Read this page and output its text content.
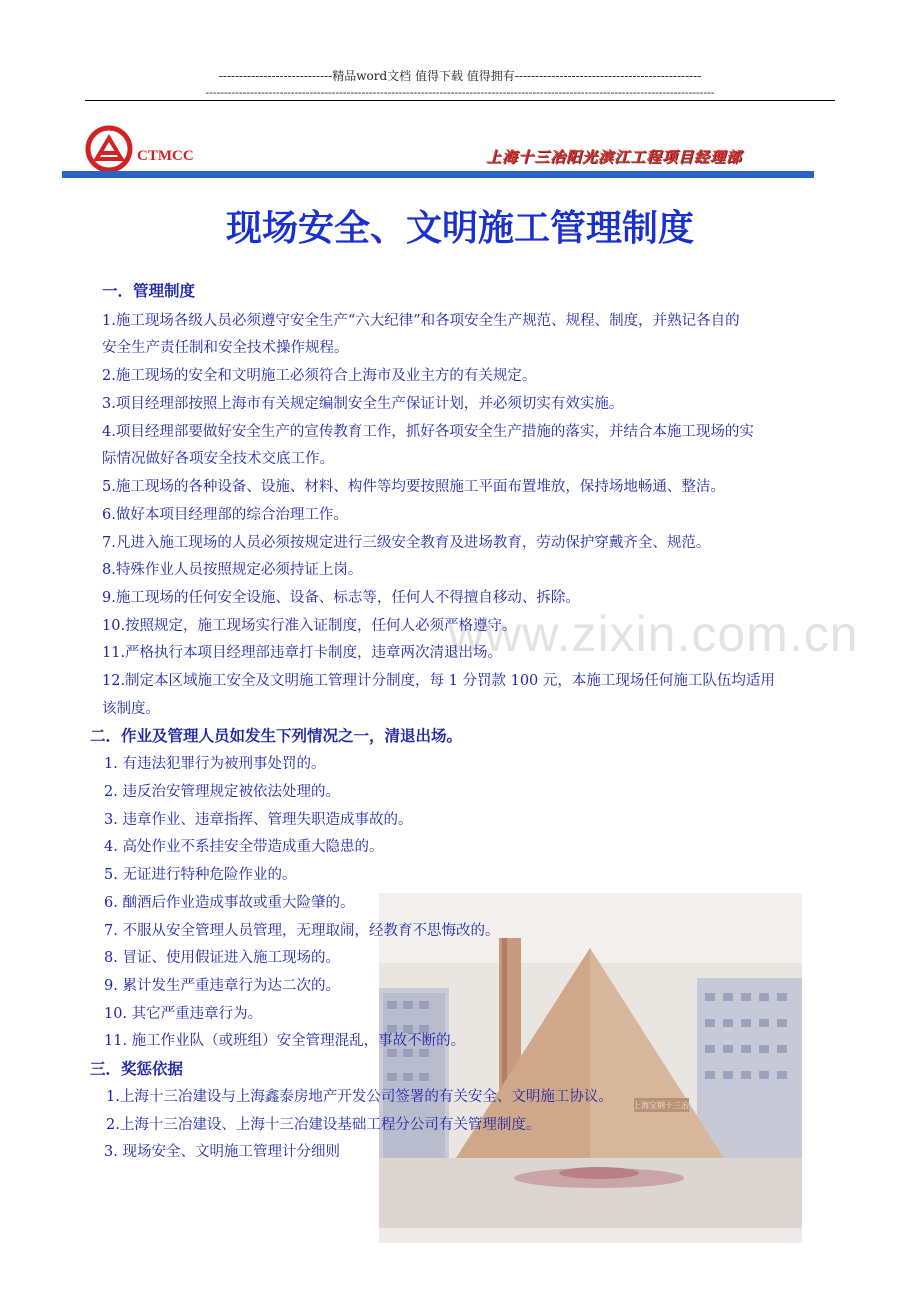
----------------------------精品word文档 值得下载 值得拥有----------------------------------------------
-----------------------------------------------------------------------------------------------------------------------------------------
CTMCC	上海十三冶阳光滨江工程项目经理部
现场安全、文明施工管理制度
上海宝钢十三冶
www.zixin.com.cn
一．管理制度
1.施工现场各级人员必须遵守安全生产“六大纪律”和各项安全生产规范、规程、制度，并熟记各自的
安全生产责任制和安全技术操作规程。
2.施工现场的安全和文明施工必须符合上海市及业主方的有关规定。
3.项目经理部按照上海市有关规定编制安全生产保证计划，并必须切实有效实施。
4.项目经理部要做好安全生产的宣传教育工作，抓好各项安全生产措施的落实，并结合本施工现场的实
际情况做好各项安全技术交底工作。
5.施工现场的各种设备、设施、材料、构件等均要按照施工平面布置堆放，保持场地畅通、整洁。
6.做好本项目经理部的综合治理工作。
7.凡进入施工现场的人员必须按规定进行三级安全教育及进场教育，劳动保护穿戴齐全、规范。
8.特殊作业人员按照规定必须持证上岗。
9.施工现场的任何安全设施、设备、标志等，任何人不得擅自移动、拆除。
10.按照规定，施工现场实行准入证制度，任何人必须严格遵守。
11.严格执行本项目经理部违章打卡制度，违章两次清退出场。
12.制定本区域施工安全及文明施工管理计分制度，每 1 分罚款 100 元，本施工现场任何施工队伍均适用
该制度。
二．作业及管理人员如发生下列情况之一，清退出场。
1. 有违法犯罪行为被刑事处罚的。
2. 违反治安管理规定被依法处理的。
3. 违章作业、违章指挥、管理失职造成事故的。
4. 高处作业不系挂安全带造成重大隐患的。
5. 无证进行特种危险作业的。
6. 酗酒后作业造成事故或重大险肇的。
7. 不服从安全管理人员管理，无理取闹，经教育不思悔改的。
8. 冒证、使用假证进入施工现场的。
9. 累计发生严重违章行为达二次的。
10. 其它严重违章行为。
11. 施工作业队（或班组）安全管理混乱，事故不断的。
三．奖惩依据
1.上海十三冶建设与上海鑫泰房地产开发公司签署的有关安全、文明施工协议。
2.上海十三冶建设、上海十三冶建设基础工程分公司有关管理制度。
3. 现场安全、文明施工管理计分细则
